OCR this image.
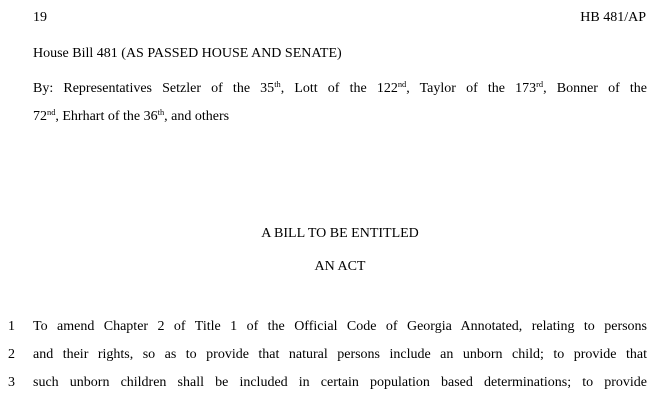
19	HB 481/AP
House Bill 481 (AS PASSED HOUSE AND SENATE)
By: Representatives Setzler of the 35th, Lott of the 122nd, Taylor of the 173rd, Bonner of the
72nd, Ehrhart of the 36th, and others
A BILL TO BE ENTITLED
AN ACT
1	To amend Chapter 2 of Title 1 of the Official Code of Georgia Annotated, relating to persons
2	and their rights, so as to provide that natural persons include an unborn child; to provide that
3	such unborn children shall be included in certain population based determinations; to provide
